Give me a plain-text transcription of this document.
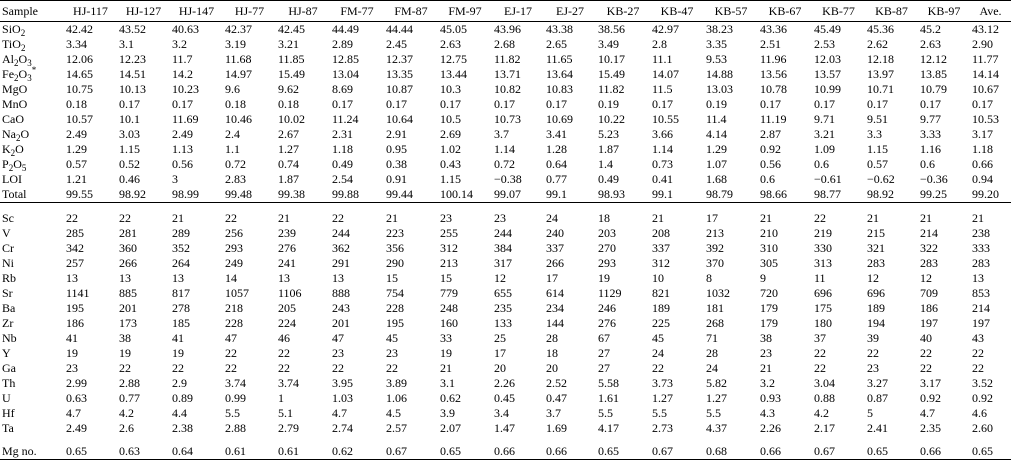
Sample	HJ-117	HJ-127	HJ-147	HJ-77	HJ-87	FM-77	FM-87	FM-97	EJ-17	EJ-27	KB-27	KB-47	KB-57	KB-67	KB-77	KB-87	KB-97	Ave.
SiO$_2$	42.42	43.52	40.63	42.37	42.45	44.49	44.44	45.05	43.96	43.38	38.56	42.97	38.23	43.36	45.49	45.36	45.2	43.12
TiO$_2$	3.34	3.1	3.2	3.19	3.21	2.89	2.45	2.63	2.68	2.65	3.49	2.8	3.35	2.51	2.53	2.62	2.63	2.90
$Al_2O_3$	12.06	12.23	11.7	11.68	11.85	12.85	12.37	12.75	11.82	11.65	10.17	11.1	9.53	11.96	12.03	12.18	12.12	11.77
$Fe_2O_3^*$	14.65	14.51	14.2	14.97	15.49	13.04	13.35	13.44	13.71	13.64	15.49	14.07	14.88	13.56	13.57	13.97	13.85	14.14
MgO	10.75	10.13	10.23	9.6	9.62	8.69	10.87	10.3	10.82	10.83	11.82	11.5	13.03	10.78	10.99	10.71	10.79	10.67
MnO	0.18	0.17	0.17	0.18	0.18	0.17	0.17	0.17	0.17	0.17	0.19	0.17	0.19	0.17	0.17	0.17	0.17	0.17
CaO	10.57	10.1	11.69	10.46	10.02	11.24	10.64	10.5	10.73	10.69	10.22	10.55	11.4	11.19	9.71	9.51	9.77	10.53
$Na_2O$	2.49	3.03	2.49	2.4	2.67	2.31	2.91	2.69	3.7	3.41	5.23	3.66	4.14	2.87	3.21	3.3	3.33	3.17
$K_2O$	1.29	1.15	1.13	1.1	1.27	1.18	0.95	1.02	1.14	1.28	1.87	1.14	1.29	0.92	1.09	1.15	1.16	1.18
$P_2O_5$	0.57	0.52	0.56	0.72	0.74	0.49	0.38	0.43	0.72	0.64	1.4	0.73	1.07	0.56	0.6	0.57	0.6	0.66
LOI	1.21	0.46	3	2.83	1.87	2.54	0.91	1.15	−0.38	0.77	0.49	0.41	1.68	0.6	−0.61	−0.62	−0.36	0.94
Total	99.55	98.92	98.99	99.48	99.38	99.88	99.44	100.14	99.07	99.1	98.93	99.1	98.79	98.66	98.77	98.92	99.25	99.20

Sc	22	22	21	22	21	22	21	23	23	24	18	21	17	21	22	21	21	21
V	285	281	289	256	239	244	223	255	244	240	203	208	213	210	219	215	214	238
Cr	342	360	352	293	276	362	356	312	384	337	270	337	392	310	330	321	322	333
Ni	257	266	264	249	241	291	290	213	317	266	293	312	370	305	313	283	283	283
Rb	13	13	13	14	13	13	15	15	12	17	19	10	8	9	11	12	12	13
Sr	1141	885	817	1057	1106	888	754	779	655	614	1129	821	1032	720	696	696	709	853
Ba	195	201	278	218	205	243	228	248	235	234	246	189	181	179	175	189	186	214
Zr	186	173	185	228	224	201	195	160	133	144	276	225	268	179	180	194	197	197
Nb	41	38	41	47	46	47	45	33	25	28	67	45	71	38	37	39	40	43
Y	19	19	19	22	22	23	23	19	17	18	27	24	28	23	22	22	22	22
Ga	23	22	22	22	22	22	22	21	20	20	27	22	24	21	22	23	22	22
Th	2.99	2.88	2.9	3.74	3.74	3.95	3.89	3.1	2.26	2.52	5.58	3.73	5.82	3.2	3.04	3.27	3.17	3.52
U	0.63	0.77	0.89	0.99	1	1.03	1.06	0.62	0.45	0.47	1.61	1.27	1.27	0.93	0.88	0.87	0.92	0.92
Hf	4.7	4.2	4.4	5.5	5.1	4.7	4.5	3.9	3.4	3.7	5.5	5.5	5.5	4.3	4.2	5	4.7	4.6
Ta	2.49	2.6	2.38	2.88	2.79	2.74	2.57	2.07	1.47	1.69	4.17	2.73	4.37	2.26	2.17	2.41	2.35	2.60

Mg no.	0.65	0.63	0.64	0.61	0.61	0.62	0.67	0.65	0.66	0.66	0.65	0.67	0.68	0.66	0.67	0.65	0.66	0.65
